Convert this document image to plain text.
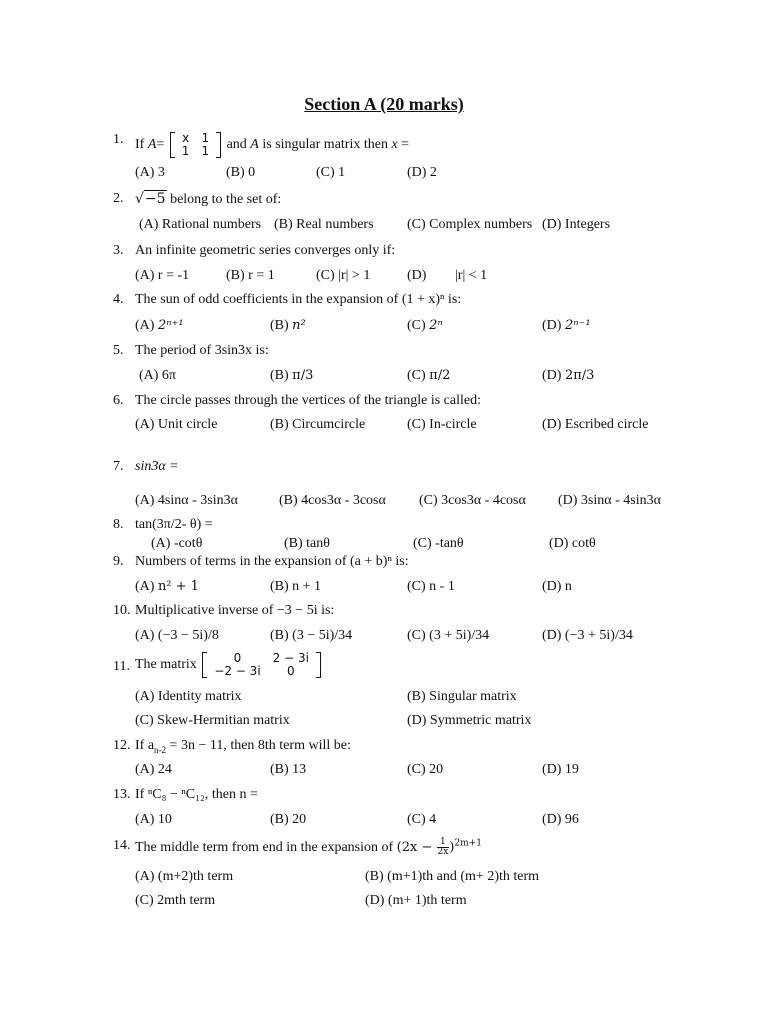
Section A (20 marks)
1. If A= x	1
1	1 and A is singular matrix then x =
(A) 3	(B) 0	(C) 1	(D) 2
2. √−5 belong to the set of:
(A) Rational numbers (B) Real numbers (C) Complex numbers (D) Integers
3. An infinite geometric series converges only if:
(A) r = -1	(B) r = 1	(C) |r| > 1	(D) |r| < 1
4. The sun of odd coefficients in the expansion of (1 + x)ⁿ is:
(A) 2ⁿ⁺¹	(B) n²	(C) 2ⁿ	(D) 2ⁿ⁻¹
5. The period of 3sin3x is:
(A) 6π	(B) π/3	(C) π/2	(D) 2π/3
6. The circle passes through the vertices of the triangle is called:
(A) Unit circle	(B) Circumcircle	(C) In-circle	(D) Escribed circle
7. sin3α =
(A) 4sinα - 3sin3α	(B) 4cos3α - 3cosα (C) 3cos3α - 4cosα (D) 3sinα - 4sin3α
8. tan(3π/2- θ) =
(A) -cotθ	(B) tanθ	(C) -tanθ	(D) cotθ
9. Numbers of terms in the expansion of (a + b)ⁿ is:
(A) n² + 1	(B) n + 1	(C) n - 1	(D) n
10. Multiplicative inverse of −3 − 5i is:
(A) (−3 − 5i)/8	(B) (3 − 5i)/34	(C) (3 + 5i)/34	(D) (−3 + 5i)/34
11. The matrix	0	2 − 3i
−2 − 3i	0
(A) Identity matrix	(B) Singular matrix
(C) Skew-Hermitian matrix	(D) Symmetric matrix
12. If $a_{n-2} = 3n - 11$, then 8th term will be:
(A) 24	(B) 13	(C) 20	(D) 19
13. If ⁿC₈ − ⁿC₁₂, then n =
(A) 10	(B) 20	(C) 4	(D) 96
14. The middle term from end in the expansion of $(2x - \frac{1}{2x} )^{2m+1}$
(A) (m+2)th term	(B) (m+1)th and (m+ 2)th term
(C) 2mth term	(D) (m+ 1)th term
